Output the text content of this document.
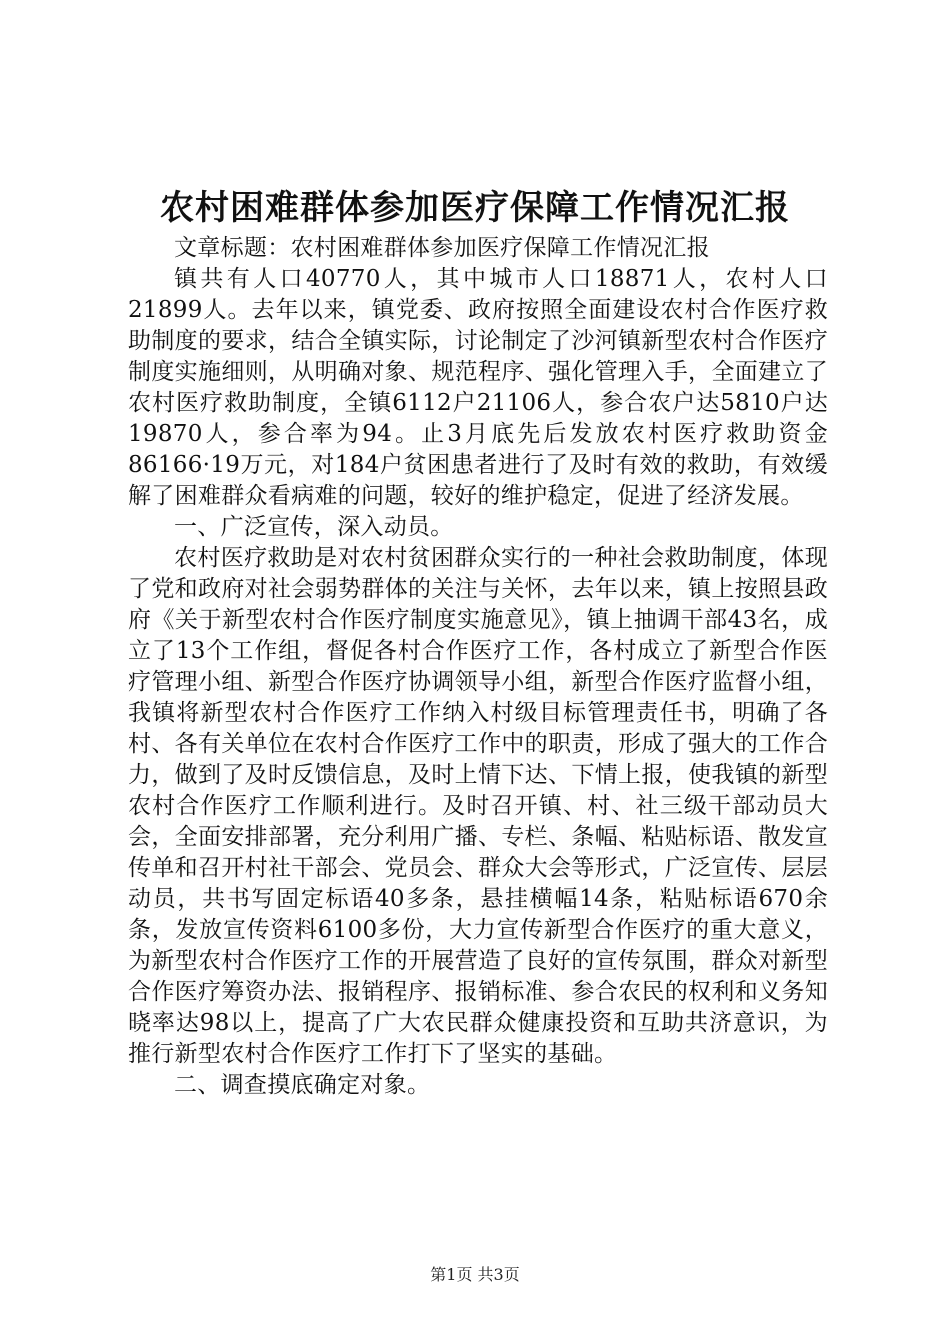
农村困难群体参加医疗保障工作情况汇报

文章标题：农村困难群体参加医疗保障工作情况汇报

镇共有人口40770人，其中城市人口18871人，农村人口21899人。去年以来，镇党委、政府按照全面建设农村合作医疗救助制度的要求，结合全镇实际，讨论制定了沙河镇新型农村合作医疗制度实施细则，从明确对象、规范程序、强化管理入手，全面建立了农村医疗救助制度，全镇6112户21106人，参合农户达5810户达19870人，参合率为94。止3月底先后发放农村医疗救助资金86166·19万元，对184户贫困患者进行了及时有效的救助，有效缓解了困难群众看病难的问题，较好的维护稳定，促进了经济发展。

一、广泛宣传，深入动员。

农村医疗救助是对农村贫困群众实行的一种社会救助制度，体现了党和政府对社会弱势群体的关注与关怀，去年以来，镇上按照县政府《关于新型农村合作医疗制度实施意见》，镇上抽调干部43名，成立了13个工作组，督促各村合作医疗工作，各村成立了新型合作医疗管理小组、新型合作医疗协调领导小组，新型合作医疗监督小组，我镇将新型农村合作医疗工作纳入村级目标管理责任书，明确了各村、各有关单位在农村合作医疗工作中的职责，形成了强大的工作合力，做到了及时反馈信息，及时上情下达、下情上报，使我镇的新型农村合作医疗工作顺利进行。及时召开镇、村、社三级干部动员大会，全面安排部署，充分利用广播、专栏、条幅、粘贴标语、散发宣传单和召开村社干部会、党员会、群众大会等形式，广泛宣传、层层动员，共书写固定标语40多条，悬挂横幅14条，粘贴标语670余条，发放宣传资料6100多份，大力宣传新型合作医疗的重大意义，为新型农村合作医疗工作的开展营造了良好的宣传氛围，群众对新型合作医疗筹资办法、报销程序、报销标准、参合农民的权利和义务知晓率达98以上，提高了广大农民群众健康投资和互助共济意识，为推行新型农村合作医疗工作打下了坚实的基础。

二、调查摸底确定对象。

第1页 共3页
